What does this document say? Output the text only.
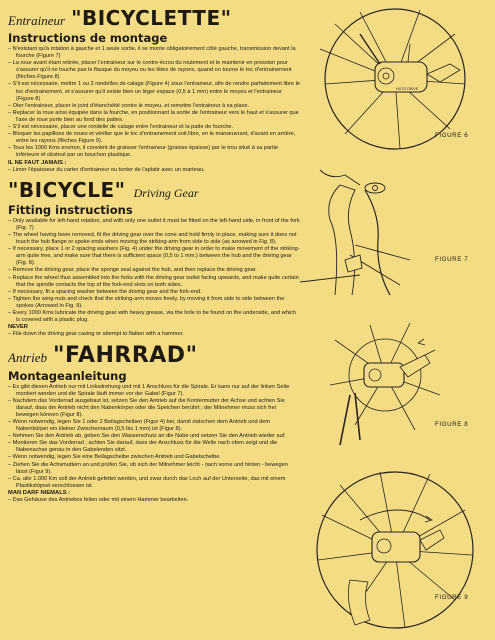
Entraineur "BICYCLETTE"
Instructions de montage
– N'existant qu'à rotation à gauche et 1 seule sortie, il se monte obligatoirement côté gauche, transmission devant la fourche (Figure 7)
– La roue avant étant retirée, placer l'entraineur sur le contre-écrou du roulement et le maintenir en pression pour s'assurer qu'il ne touche pas le flasque du moyeu ou les têtes de rayons, quand on tourne le toc d'entrainement (flèches Figure 8)
– S'il est nécessaire, mettre 1 ou 2 rondelles de calage (Figure 4) sous l'entraineur, afin de rendre parfaitement libre le toc d'entrainement, et s'assurer qu'il existe bien un léger espace (0,5 à 1 mm) entre le moyeu et l'entraineur (Figure 8)
– Oter l'entraineur, placer le joint d'étanchéité contre le moyeu, et remettre l'entraineur à sa place.
– Replacer la roue ainsi équipée dans la fourche, en positionnant la sortie de l'entraineur vers le haut et s'assurer que l'axe de roue porte bien au fond des pattes.
– S'il est nécessaire, placer une rondelle de calage entre l'entraineur et la patte de fourche.
– Bloquer les papillons de roues et vérifier que le toc d'entrainement soit libre, en le manœuvrant, d'avant en arrière, entre les rayons (flèches Figure 9).
– Tous les 1000 Kms environ, il convient de graisser l'entraineur (graisse épaisse) par le trou situé à sa partie inférieure et obstrué par un bouchon plastique.
IL NE FAUT JAMAIS :
– Limer l'épaisseur du carter d'entraineur ou tenter de l'aplatir avec un marteau.
"BICYCLE" Driving Gear
Fitting instructions
– Only available for left-hand rotation, and with only one outlet it must be fitted on the left-hand side, in front of the fork (Fig. 7)
– The wheel having been removed, fit the driving gear over the cone and hold firmly in place, making sure it does not touch the hub flange or spoke ends when moving the striking-arm from side to side (as arrowed in Fig. 8).
– If necessary, place 1 or 2 spacing washers (Fig. 4) under the driving gear in order to make movement of the striking-arm quite free, and make sure that there is sufficient space (0,5 to 1 mm.) between the hub and the driving gear (Fig. 8).
– Remove the driving gear, place the sponge seal against the hub, and then replace the driving gear.
– Replace the wheel thus assembled into the forks with the driving gear outlet facing upwards, and make quite certain that the spindle contacts the top of the fork-end slots on both sides.
– If necessary, fit a spacing washer between the driving gear and the fork-end.
– Tighten the wing-nuts and check that the striking-arm moves freely, by moving it from side to side between the spokes (Arrowed in Fig. 9).
– Every 1000 Kms lubricate the driving gear with heavy grease, via the hole to be found on the underside, and which is covered with a plastic plug.
NEVER
– File down the driving gear casing or attempt to flatten with a hammer.
Antrieb "FAHRRAD"
Montageanleitung
– Es gibt diesen Antrieb nur mit Linksdrehung und mit 1 Anschluss für die Spirale. Er kann nur auf der linken Seite montiert werden und die Spirale läuft immer vor der Gabel (Figur 7).
– Nachdem das Vorderrad ausgebaut ist, setzen Sie den Antrieb auf die Kontermutter der Achse und achten Sie darauf, dass der Antrieb nicht den Nabenkörper oder die Speichen berührt ; der Mitnehmer muss sich frei bewegen können (Figur 8).
– Wenn notwendig, legen Sie 1 oder 2 Beilagscheiben (Figur 4) bei, damit zwischen dem Antrieb und dem Nabenkörper ein kleiner Zwischenraum (0,5 bis 1 mm) ist (Figur 8).
– Nehmen Sie den Antrieb ab, geben Sie den Wasserschutz an die Nabe und setzen Sie den Antrieb wieder auf.
– Montieren Sie das Vorderrad ; achten Sie darauf, dass der Anschluss für die Welle nach oben zeigt und die Nabenachse genau in den Gabelenden sitzt.
– Wenn notwendig, legen Sie eine Beilagscheibe zwischen Antrieb und Gabelscheibe.
– Ziehen Sie die Achsmuttern an und prüfen Sie, ob sich der Mitnehmer leicht - nach vorne und hinten - bewegen lässt (Figur 9).
– Ca. alle 1.000 Km soll der Antrieb gefettet werden, und zwar durch das Loch auf der Unterseite, das mit einem Plastikstöpsel verschlossen ist.
MAN DARF NIEMALS :
– Das Gehäuse des Antriebes feilen oder mit einem Hammer bearbeiten.
HUTO DRIVE
FIGURE 6
FIGURE 7
FIGURE 8
FIGURE 9
